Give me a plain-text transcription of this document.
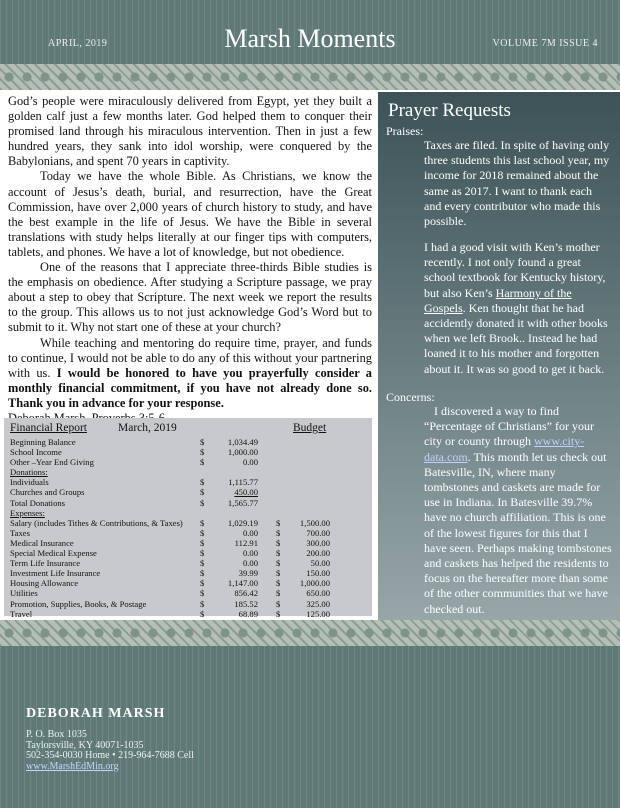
APRIL, 2019	Marsh Moments	VOLUME 7M ISSUE 4

God’s people were miraculously delivered from Egypt, yet they built a golden calf just a few months later. God helped them to conquer their promised land through his miraculous intervention. Then in just a few hundred years, they sank into idol worship, were conquered by the Babylonians, and spent 70 years in captivity.

Today we have the whole Bible. As Christians, we know the account of Jesus’s death, burial, and resurrection, have the Great Commission, have over 2,000 years of church history to study, and have the best example in the life of Jesus. We have the Bible in several translations with study helps literally at our finger tips with computers, tablets, and phones. We have a lot of knowledge, but not obedience.

One of the reasons that I appreciate three-thirds Bible studies is the emphasis on obedience. After studying a Scripture passage, we pray about a step to obey that Scripture. The next week we report the results to the group. This allows us to not just acknowledge God’s Word but to submit to it. Why not start one of these at your church?

While teaching and mentoring do require time, prayer, and funds to continue, I would not be able to do any of this without your partnering with us. I would be honored to have you prayerfully consider a monthly financial commitment, if you have not already done so. Thank you in advance for your response.

Financial Report	March, 2019	Budget
Beginning Balance	$	1,034.49		
School Income	$	1,000.00		
Other –Year End Giving	$	0.00		
Donations:				
Individuals	$	1,115.77		
Churches and Groups	$	450.00		
Total Donations	$	1,565.77		
Expenses:				
Salary (includes Tithes & Contributions, & Taxes)	$	1,029.19	$	1,500.00
Taxes	$	0.00	$	700.00
Medical Insurance	$	112.91	$	300.00
Special Medical Expense	$	0.00	$	200.00
Term Life Insurance	$	0.00	$	50.00
Investment Life Insurance	$	39.99	$	150.00
Housing Allowance	$	1,147.00	$	1,000.00
Utilities	$	856.42	$	650.00
Promotion, Supplies, Books, & Postage	$	185.52	$	325.00
Travel	$	68.89	$	125.00

Prayer Requests
Praises:

Taxes are filed. In spite of having only three students this last school year, my income for 2018 remained about the same as 2017. I want to thank each and every contributor who made this possible.

I had a good visit with Ken’s mother recently. I not only found a great school textbook for Kentucky history, but also Ken’s Harmony of the Gospels. Ken thought that he had accidently donated it with other books when we left Brook.. Instead he had loaned it to his mother and forgotten about it. It was so good to get it back.

Concerns:

I discovered a way to find “Percentage of Christians” for your city or county through www.city-data.com. This month let us check out Batesville, IN, where many tombstones and caskets are made for use in Indiana. In Batesville 39.7% have no church affiliation. This is one of the lowest figures for this that I have seen. Perhaps making tombstones and caskets has helped the residents to focus on the hereafter more than some of the other communities that we have checked out.

DEBORAH MARSH
P. O. Box 1035
Taylorsville, KY 40071-1035
502-354-0030 Home • 219-964-7688 Cell
www.MarshEdMin.org
